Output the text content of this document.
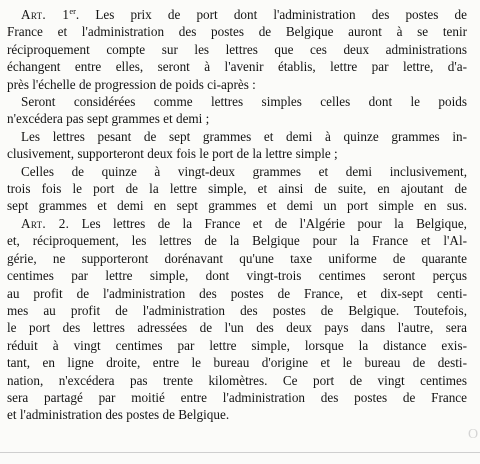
Art. 1er. Les prix de port dont l'administration des postes de
France et l'administration des postes de Belgique auront à se tenir
réciproquement compte sur les lettres que ces deux administrations
échangent entre elles, seront à l'avenir établis, lettre par lettre, d'a-
près l'échelle de progression de poids ci-après :
Seront considérées comme lettres simples celles dont le poids
n'excédera pas sept grammes et demi ;
Les lettres pesant de sept grammes et demi à quinze grammes in-
clusivement, supporteront deux fois le port de la lettre simple ;
Celles de quinze à vingt-deux grammes et demi inclusivement,
trois fois le port de la lettre simple, et ainsi de suite, en ajoutant de
sept grammes et demi en sept grammes et demi un port simple en sus.
Art. 2. Les lettres de la France et de l'Algérie pour la Belgique,
et, réciproquement, les lettres de la Belgique pour la France et l'Al-
gérie, ne supporteront dorénavant qu'une taxe uniforme de quarante
centimes par lettre simple, dont vingt-trois centimes seront perçus
au profit de l'administration des postes de France, et dix-sept centi-
mes au profit de l'administration des postes de Belgique. Toutefois,
le port des lettres adressées de l'un des deux pays dans l'autre, sera
réduit à vingt centimes par lettre simple, lorsque la distance exis-
tant, en ligne droite, entre le bureau d'origine et le bureau de desti-
nation, n'excédera pas trente kilomètres. Ce port de vingt centimes
sera partagé par moitié entre l'administration des postes de France
et l'administration des postes de Belgique.
O
